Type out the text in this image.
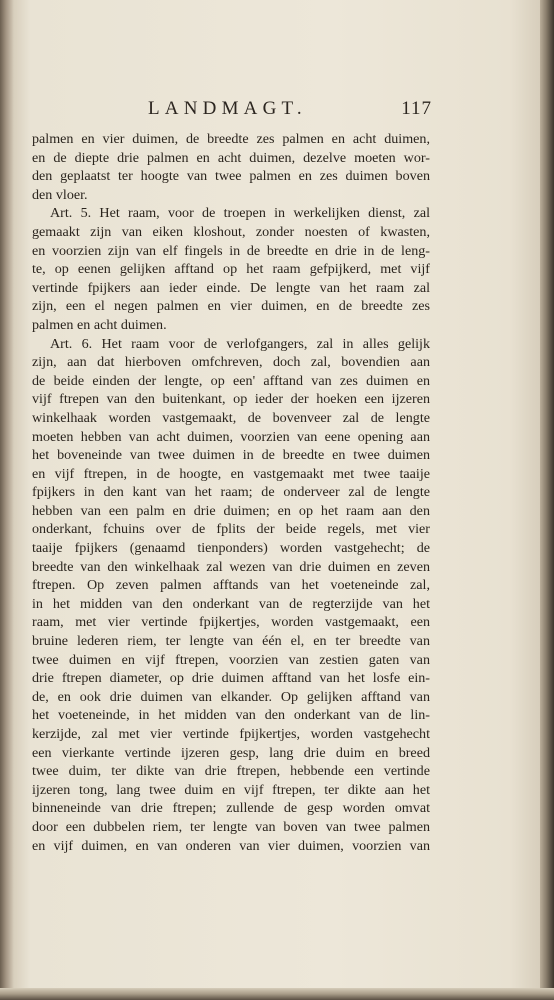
LANDMAGT.	117
palmen en vier duimen, de breedte zes palmen en acht duimen,
en de diepte drie palmen en acht duimen, dezelve moeten wor-
den geplaatst ter hoogte van twee palmen en zes duimen boven
den vloer.
Art. 5. Het raam, voor de troepen in werkelijken dienst, zal
gemaakt zijn van eiken kloshout, zonder noesten of kwasten,
en voorzien zijn van elf fingels in de breedte en drie in de leng-
te, op eenen gelijken afftand op het raam gefpijkerd, met vijf
vertinde fpijkers aan ieder einde. De lengte van het raam zal
zijn, een el negen palmen en vier duimen, en de breedte zes
palmen en acht duimen.
Art. 6. Het raam voor de verlofgangers, zal in alles gelijk
zijn, aan dat hierboven omfchreven, doch zal, bovendien aan
de beide einden der lengte, op een' afftand van zes duimen en
vijf ftrepen van den buitenkant, op ieder der hoeken een ijzeren
winkelhaak worden vastgemaakt, de bovenveer zal de lengte
moeten hebben van acht duimen, voorzien van eene opening aan
het boveneinde van twee duimen in de breedte en twee duimen
en vijf ftrepen, in de hoogte, en vastgemaakt met twee taaije
fpijkers in den kant van het raam; de onderveer zal de lengte
hebben van een palm en drie duimen; en op het raam aan den
onderkant, fchuins over de fplits der beide regels, met vier
taaije fpijkers (genaamd tienponders) worden vastgehecht; de
breedte van den winkelhaak zal wezen van drie duimen en zeven
ftrepen. Op zeven palmen afftands van het voeteneinde zal,
in het midden van den onderkant van de regterzijde van het
raam, met vier vertinde fpijkertjes, worden vastgemaakt, een
bruine lederen riem, ter lengte van één el, en ter breedte van
twee duimen en vijf ftrepen, voorzien van zestien gaten van
drie ftrepen diameter, op drie duimen afftand van het losfe ein-
de, en ook drie duimen van elkander. Op gelijken afftand van
het voeteneinde, in het midden van den onderkant van de lin-
kerzijde, zal met vier vertinde fpijkertjes, worden vastgehecht
een vierkante vertinde ijzeren gesp, lang drie duim en breed
twee duim, ter dikte van drie ftrepen, hebbende een vertinde
ijzeren tong, lang twee duim en vijf ftrepen, ter dikte aan het
binneneinde van drie ftrepen; zullende de gesp worden omvat
door een dubbelen riem, ter lengte van boven van twee palmen
en vijf duimen, en van onderen van vier duimen, voorzien van
